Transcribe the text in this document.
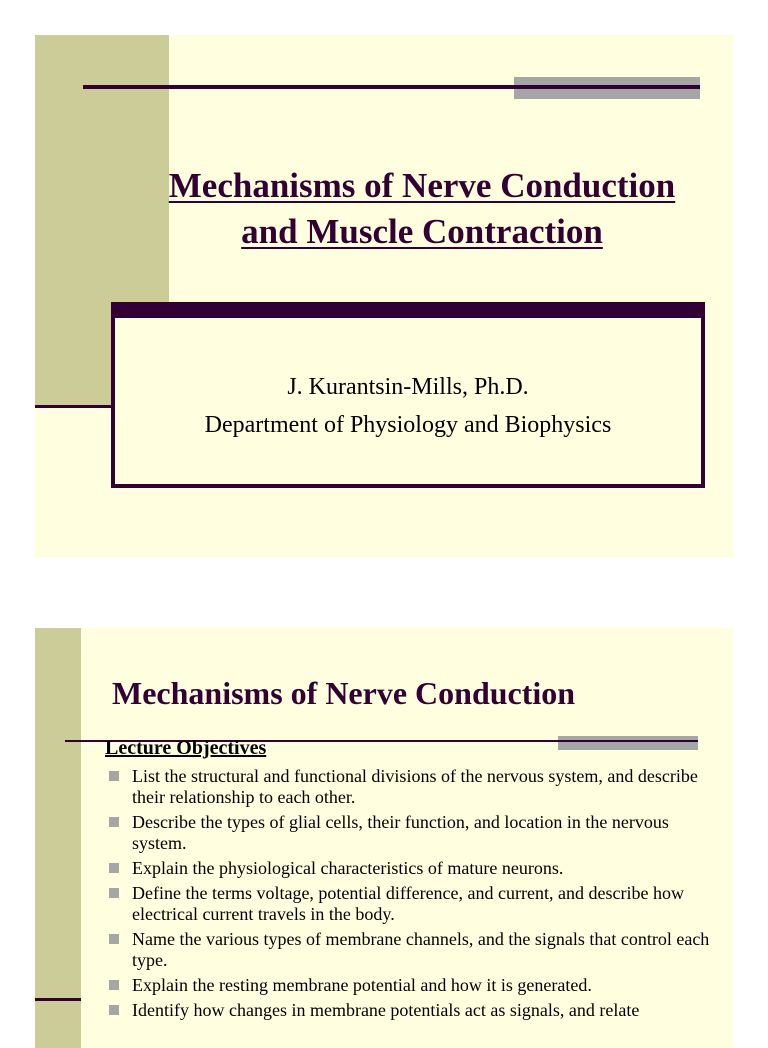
Mechanisms of Nerve Conduction
and Muscle Contraction
J. Kurantsin-Mills, Ph.D.
Department of Physiology and Biophysics
Mechanisms of Nerve Conduction
Lecture Objectives
List the structural and functional divisions of the nervous system, and describe their relationship to each other.
Describe the types of glial cells, their function, and location in the nervous system.
Explain the physiological characteristics of mature neurons.
Define the terms voltage, potential difference, and current, and describe how electrical current travels in the body.
Name the various types of membrane channels, and the signals that control each type.
Explain the resting membrane potential and how it is generated.
Identify how changes in membrane potentials act as signals, and relate
